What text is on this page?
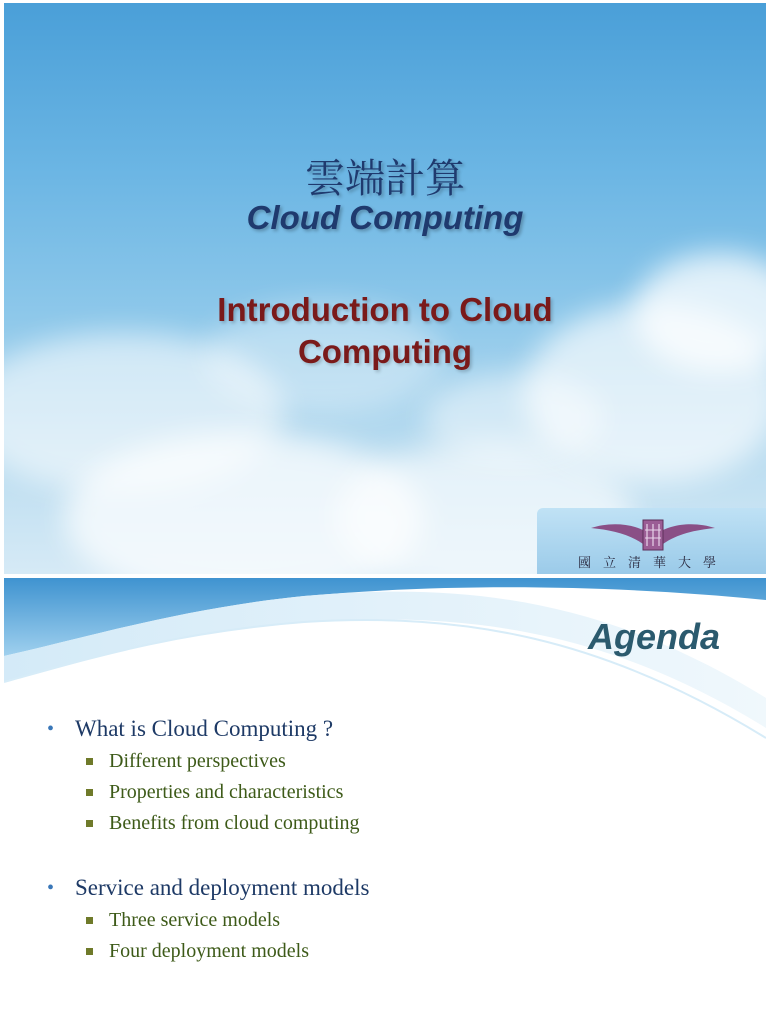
雲端計算
Cloud Computing
Introduction to Cloud
Computing
國立清華大學
Agenda
• What is Cloud Computing ?
Different perspectives
Properties and characteristics
Benefits from cloud computing
• Service and deployment models
Three service models
Four deployment models
